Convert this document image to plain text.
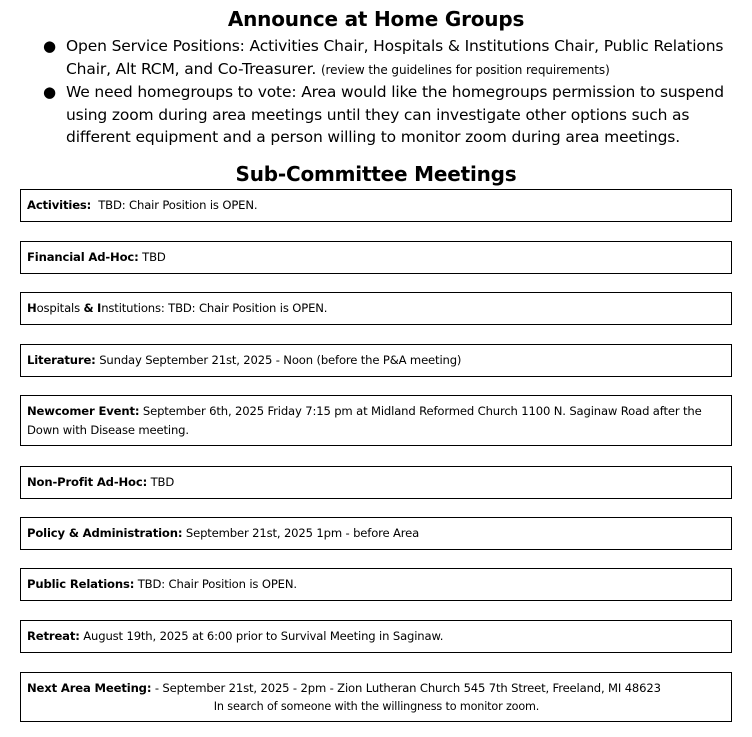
Announce at Home Groups
● Open Service Positions: Activities Chair, Hospitals & Institutions Chair, Public Relations Chair, Alt RCM, and Co-Treasurer. (review the guidelines for position requirements)
● We need homegroups to vote: Area would like the homegroups permission to suspend using zoom during area meetings until they can investigate other options such as different equipment and a person willing to monitor zoom during area meetings.
Sub-Committee Meetings
Activities:  TBD: Chair Position is OPEN.
Financial Ad-Hoc: TBD
Hospitals & Institutions: TBD: Chair Position is OPEN.
Literature: Sunday September 21st, 2025 - Noon (before the P&A meeting)
Newcomer Event: September 6th, 2025 Friday 7:15 pm at Midland Reformed Church 1100 N. Saginaw Road after the Down with Disease meeting.
Non-Profit Ad-Hoc: TBD
Policy & Administration: September 21st, 2025 1pm - before Area
Public Relations: TBD: Chair Position is OPEN.
Retreat: August 19th, 2025 at 6:00 prior to Survival Meeting in Saginaw.
Next Area Meeting: - September 21st, 2025 - 2pm - Zion Lutheran Church 545 7th Street, Freeland, MI 48623
In search of someone with the willingness to monitor zoom.
